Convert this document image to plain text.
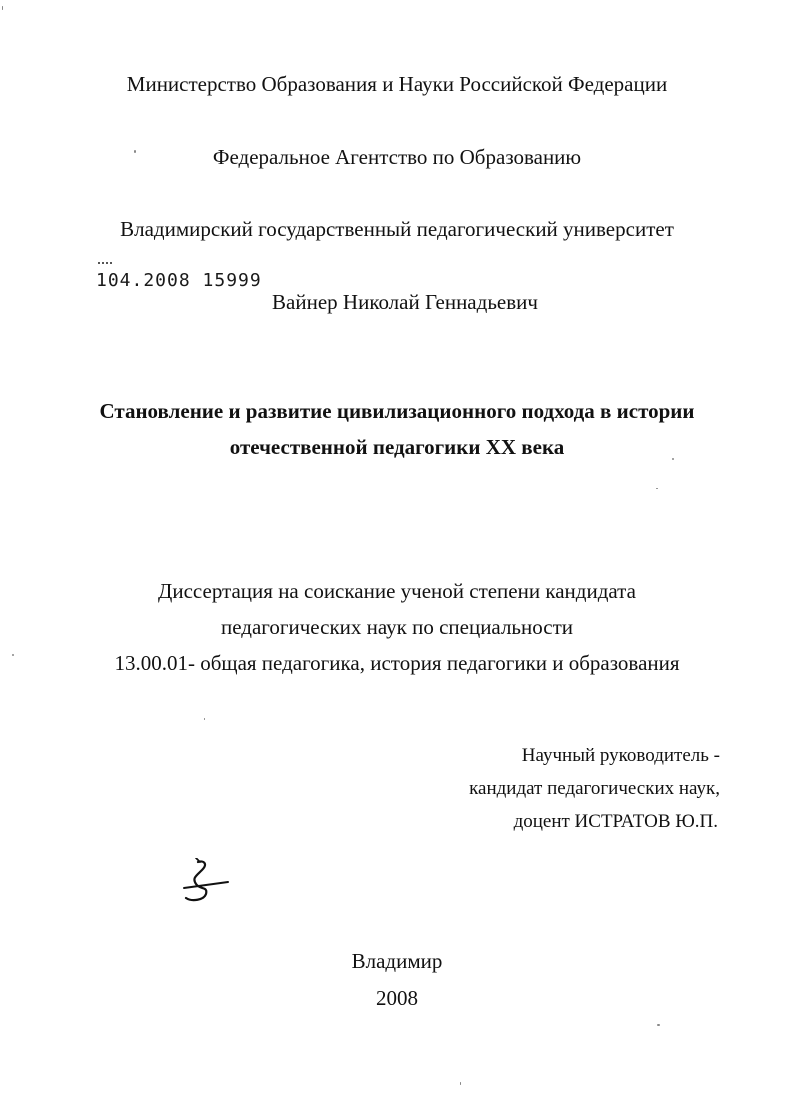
Министерство Образования и Науки Российской Федерации
Федеральное Агентство по Образованию
Владимирский государственный педагогический университет
104.2008 15999
Вайнер Николай Геннадьевич
Становление и развитие цивилизационного подхода в истории
отечественной педагогики XX века
Диссертация на соискание ученой степени кандидата
педагогических наук по специальности
13.00.01- общая педагогика, история педагогики и образования
Научный руководитель -
кандидат педагогических наук,
доцент ИСТРАТОВ Ю.П.
Владимир
2008
